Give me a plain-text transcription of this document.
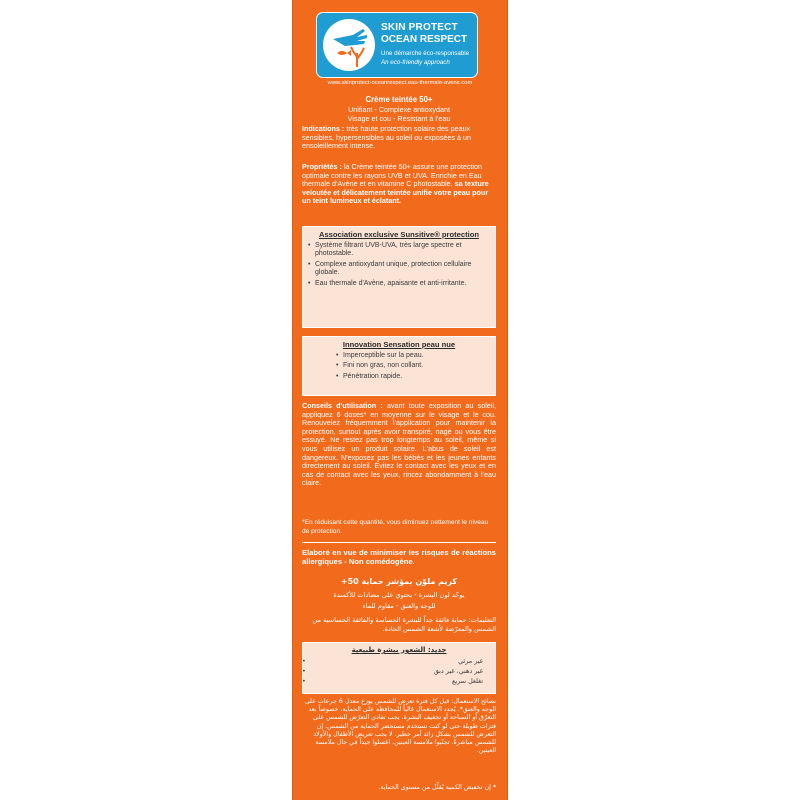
SKIN PROTECT
OCEAN RESPECT
Une démarche éco-responsable
An eco-friendly approach
www.skinprotect-oceanrespect.eau-thermale-avene.com
Crème teintée 50+
Unifiant - Complexe antioxydant
Visage et cou - Résistant à l'eau
Indications : très haute protection solaire des peaux sensibles, hypersensibles au soleil ou exposées à un ensoleillement intense.
Propriétés : la Crème teintée 50+ assure une protection optimale contre les rayons UVB et UVA. Enrichie en Eau thermale d'Avène et en vitamine C photostable, sa texture veloutée et délicatement teintée unifie votre peau pour un teint lumineux et éclatant.
Association exclusive Sunsitive® protection
• Système filtrant UVB-UVA, très large spectre et photostable.
• Complexe antioxydant unique, protection cellulaire globale.
• Eau thermale d'Avène, apaisante et anti-irritante.
Innovation Sensation peau nue
• Imperceptible sur la peau.
• Fini non gras, non collant.
• Pénétration rapide.
Conseils d'utilisation : avant toute exposition au soleil, appliquez 6 doses* en moyenne sur le visage et le cou. Renouvelez fréquemment l'application pour maintenir la protection, surtout après avoir transpiré, nagé ou vous être essuyé. Ne restez pas trop longtemps au soleil, même si vous utilisez un produit solaire. L'abus de soleil est dangereux. N'exposez pas les bébés et les jeunes enfants directement au soleil. Évitez le contact avec les yeux et en cas de contact avec les yeux, rincez abondamment à l'eau claire.
*En réduisant cette quantité, vous diminuez nettement le niveau de protection.
Elaboré en vue de minimiser les risques de réactions allergiques - Non comédogène.
كريم ملوّن بمؤشر حماية 50+
يوحّد لون البشرة - يحتوي على مضادات للأكسدة
للوجه والعنق - مقاوم للماء
التعليمات: حماية فائقة جداً للبشرة الحساسة والفائقة الحساسية من الشمس والمعرّضة لأشعة الشمس الحادة.
جديد: الشعور ببشرة طبيعية
• غير مرئي
• غير دهني، غير دبق
• تغلغل سريع
نصائح الاستعمال: قبل كل فترة تعرض للشمس يوزع معدل 6 جرعات على الوجه والعنق*. يُجدد الاستعمال غالباً للمحافظة على الحماية، خصوصاً بعد التعرّق أو السباحة أو تجفيف البشرة. يجب تفادي التعرّض للشمس على فترات طويلة حتى لو كنت تستخدم مستحضر الحماية من الشمس. إن التعرض للشمس بشكل زائد أمر خطير. لا يجب تعريض الأطفال والأولاد للشمس مباشرةً. تجنّبوا ملامسة العينين. اغسلوا جيداً في حال ملامسة العينين.
* إن تخفيض الكمية يُقلّل من مستوى الحماية.
